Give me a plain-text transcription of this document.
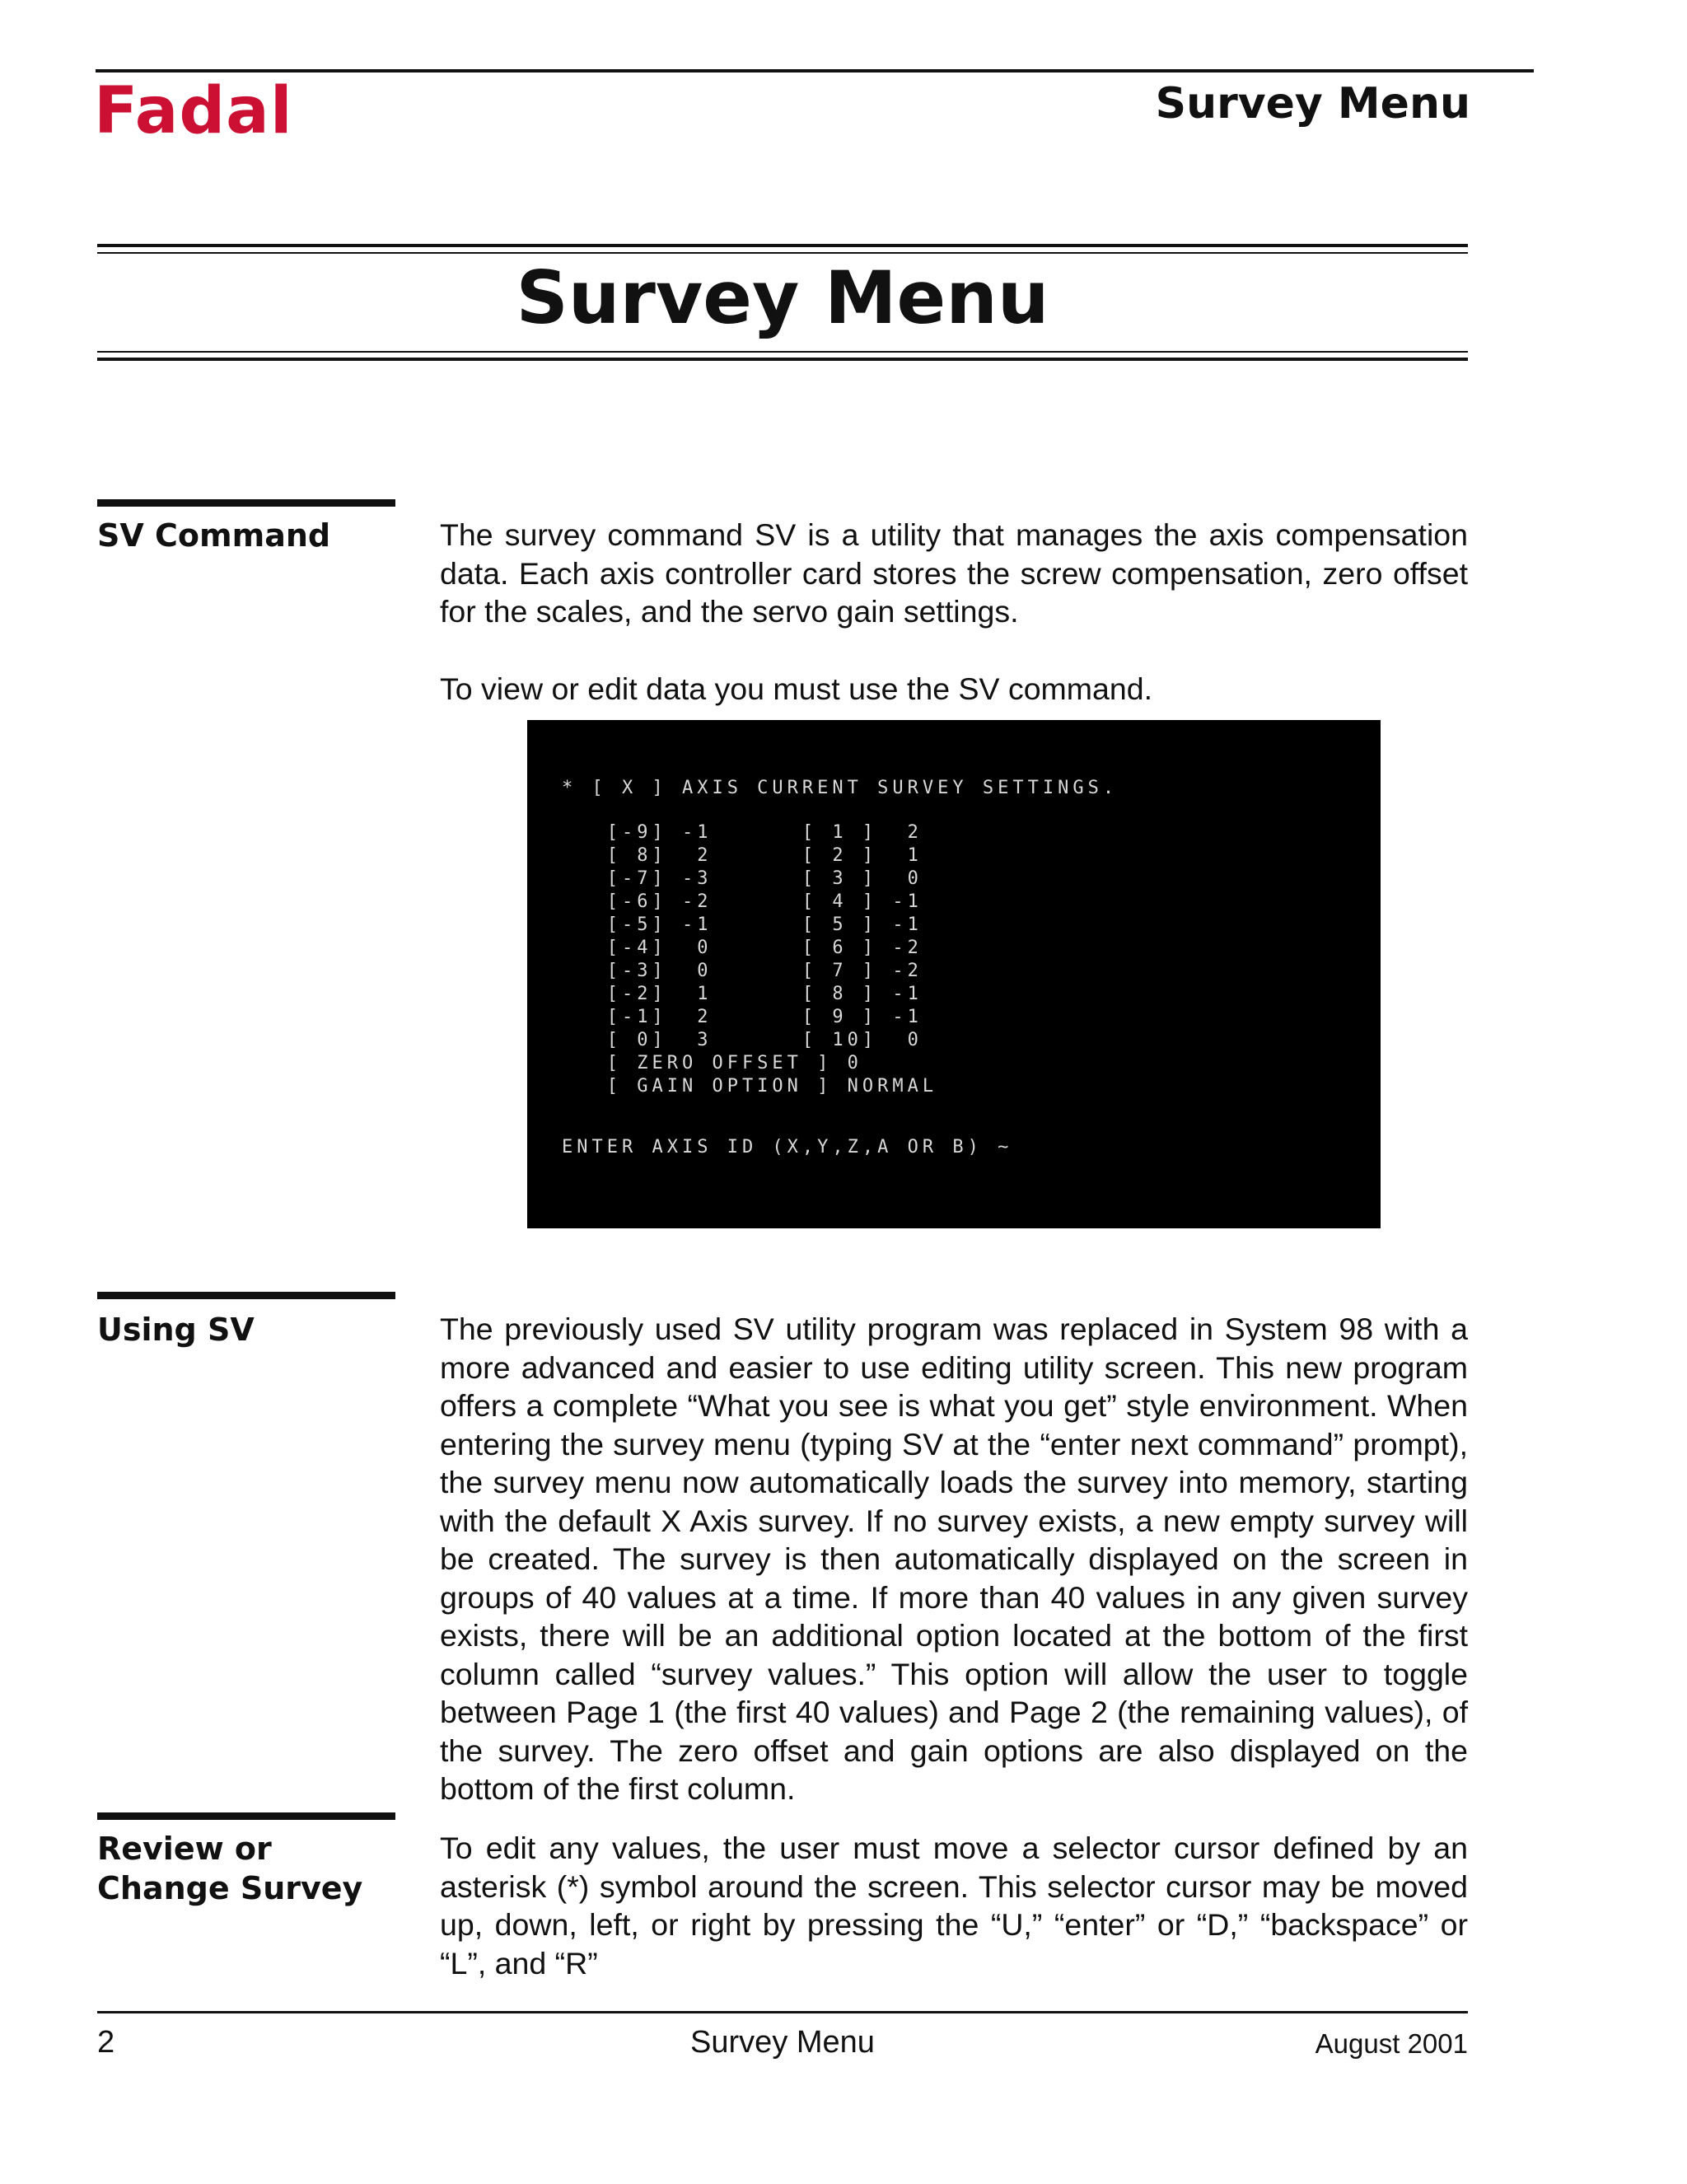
Fadal	Survey Menu
Survey Menu
SV Command	The survey command SV is a utility that manages the axis compensation data. Each axis controller card stores the screw compensation, zero offset for the scales, and the servo gain settings.

To view or edit data you must use the SV command.

* [ X ] AXIS CURRENT SURVEY SETTINGS.
[-9] -1      [ 1 ]  2
[ 8]  2      [ 2 ]  1
[-7] -3      [ 3 ]  0
[-6] -2      [ 4 ] -1
[-5] -1      [ 5 ] -1
[-4]  0      [ 6 ] -2
[-3]  0      [ 7 ] -2
[-2]  1      [ 8 ] -1
[-1]  2      [ 9 ] -1
[ 0]  3      [ 10]  0
[ ZERO OFFSET ] 0
[ GAIN OPTION ] NORMAL
ENTER AXIS ID (X,Y,Z,A OR B) ~
Using SV	The previously used SV utility program was replaced in System 98 with a more advanced and easier to use editing utility screen. This new program offers a complete “What you see is what you get” style environment. When entering the survey menu (typing SV at the “enter next command” prompt), the survey menu now automatically loads the survey into memory, starting with the default X Axis survey. If no survey exists, a new empty survey will be created. The survey is then automatically displayed on the screen in groups of 40 values at a time. If more than 40 values in any given survey exists, there will be an additional option located at the bottom of the first column called “survey values.” This option will allow the user to toggle between Page 1 (the first 40 values) and Page 2 (the remaining values), of the survey. The zero offset and gain options are also displayed on the bottom of the first column.

Review or Change Survey

To edit any values, the user must move a selector cursor defined by an asterisk (*) symbol around the screen. This selector cursor may be moved up, down, left, or right by pressing the “U,” “enter” or “D,” “backspace” or “L”, and “R”

2	Survey Menu	August 2001
